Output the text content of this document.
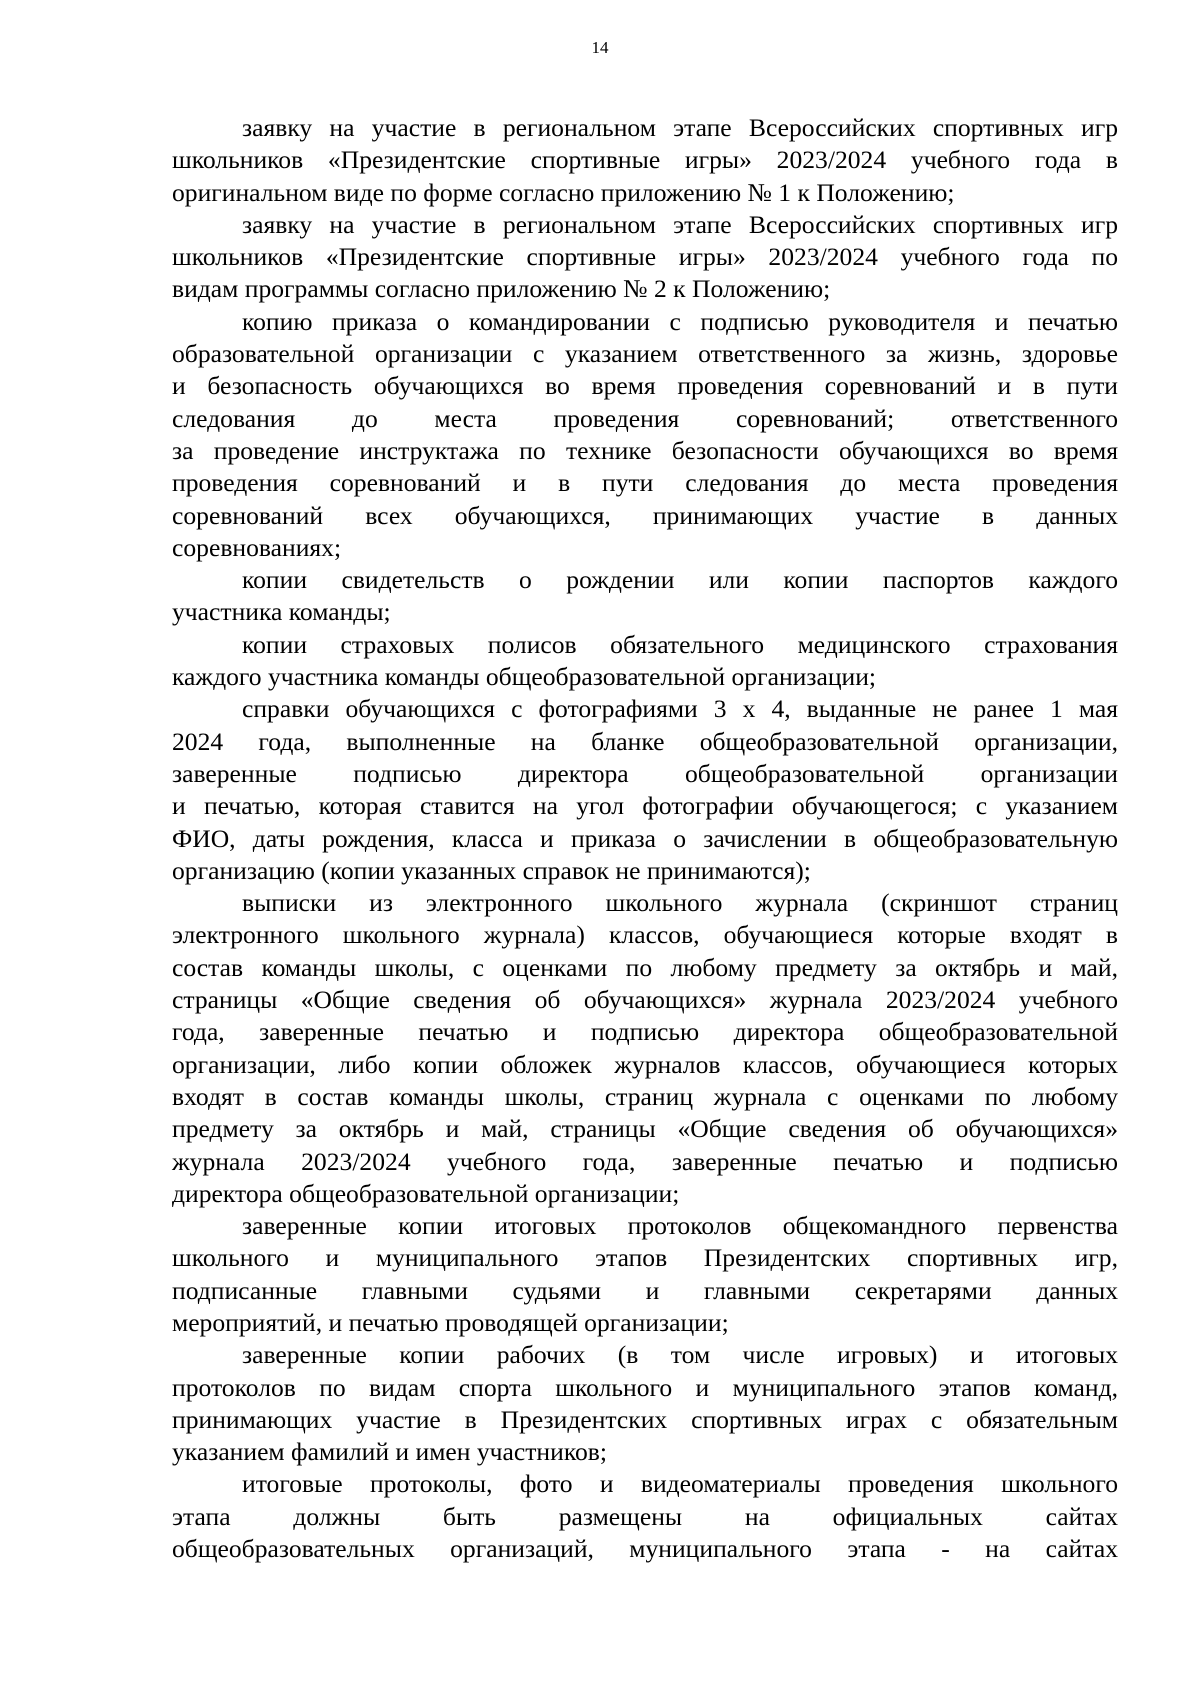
14
заявку на участие в региональном этапе Всероссийских спортивных игр
школьников «Президентские спортивные игры» 2023/2024 учебного года в
оригинальном виде по форме согласно приложению № 1 к Положению;
заявку на участие в региональном этапе Всероссийских спортивных игр
школьников «Президентские спортивные игры» 2023/2024 учебного года по
видам программы согласно приложению № 2 к Положению;
копию приказа о командировании с подписью руководителя и печатью
образовательной организации с указанием ответственного за жизнь, здоровье
и безопасность обучающихся во время проведения соревнований и в пути
следования до места проведения соревнований; ответственного
за проведение инструктажа по технике безопасности обучающихся во время
проведения соревнований и в пути следования до места проведения
соревнований всех обучающихся, принимающих участие в данных
соревнованиях;
копии свидетельств о рождении или копии паспортов каждого
участника команды;
копии страховых полисов обязательного медицинского страхования
каждого участника команды общеобразовательной организации;
справки обучающихся с фотографиями 3 х 4, выданные не ранее 1 мая
2024 года, выполненные на бланке общеобразовательной организации,
заверенные подписью директора общеобразовательной организации
и печатью, которая ставится на угол фотографии обучающегося; с указанием
ФИО, даты рождения, класса и приказа о зачислении в общеобразовательную
организацию (копии указанных справок не принимаются);
выписки из электронного школьного журнала (скриншот страниц
электронного школьного журнала) классов, обучающиеся которые входят в
состав команды школы, с оценками по любому предмету за октябрь и май,
страницы «Общие сведения об обучающихся» журнала 2023/2024 учебного
года, заверенные печатью и подписью директора общеобразовательной
организации, либо копии обложек журналов классов, обучающиеся которых
входят в состав команды школы, страниц журнала с оценками по любому
предмету за октябрь и май, страницы «Общие сведения об обучающихся»
журнала 2023/2024 учебного года, заверенные печатью и подписью
директора общеобразовательной организации;
заверенные копии итоговых протоколов общекомандного первенства
школьного и муниципального этапов Президентских спортивных игр,
подписанные главными судьями и главными секретарями данных
мероприятий, и печатью проводящей организации;
заверенные копии рабочих (в том числе игровых) и итоговых
протоколов по видам спорта школьного и муниципального этапов команд,
принимающих участие в Президентских спортивных играх с обязательным
указанием фамилий и имен участников;
итоговые протоколы, фото и видеоматериалы проведения школьного
этапа должны быть размещены на официальных сайтах
общеобразовательных организаций, муниципального этапа - на сайтах
